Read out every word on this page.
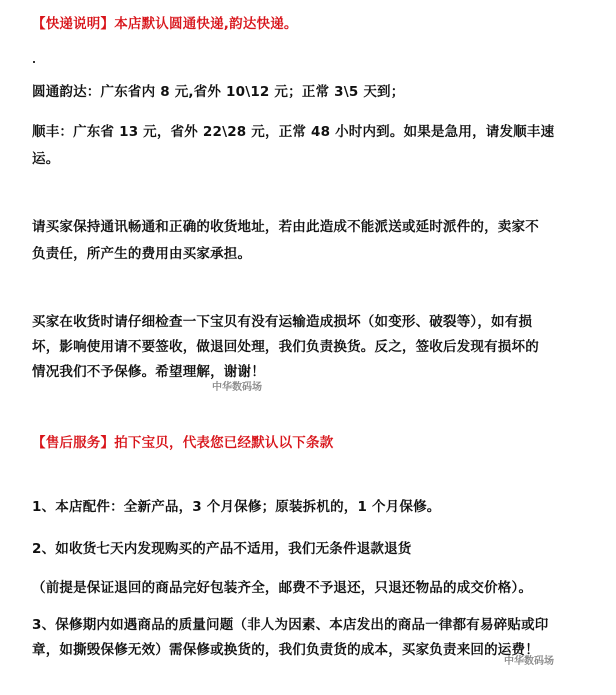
【快递说明】本店默认圆通快递,韵达快递。
圆通韵达：广东省内 8 元,省外 10\12 元；正常 3\5 天到；
顺丰：广东省 13 元，省外 22\28 元，正常 48 小时内到。如果是急用，请发顺丰速
运。
请买家保持通讯畅通和正确的收货地址，若由此造成不能派送或延时派件的，卖家不
负责任，所产生的费用由买家承担。
买家在收货时请仔细检查一下宝贝有没有运输造成损坏（如变形、破裂等），如有损
坏，影响使用请不要签收，做退回处理，我们负责换货。反之，签收后发现有损坏的
情况我们不予保修。希望理解，谢谢！
中华数码场
【售后服务】拍下宝贝，代表您已经默认以下条款
1、本店配件：全新产品，3 个月保修；原装拆机的，1 个月保修。
2、如收货七天内发现购买的产品不适用，我们无条件退款退货
（前提是保证退回的商品完好包装齐全，邮费不予退还，只退还物品的成交价格）。
3、保修期内如遇商品的质量问题（非人为因素、本店发出的商品一律都有易碎贴或印
章，如撕毁保修无效）需保修或换货的，我们负责货的成本，买家负责来回的运费！
中华数码场
